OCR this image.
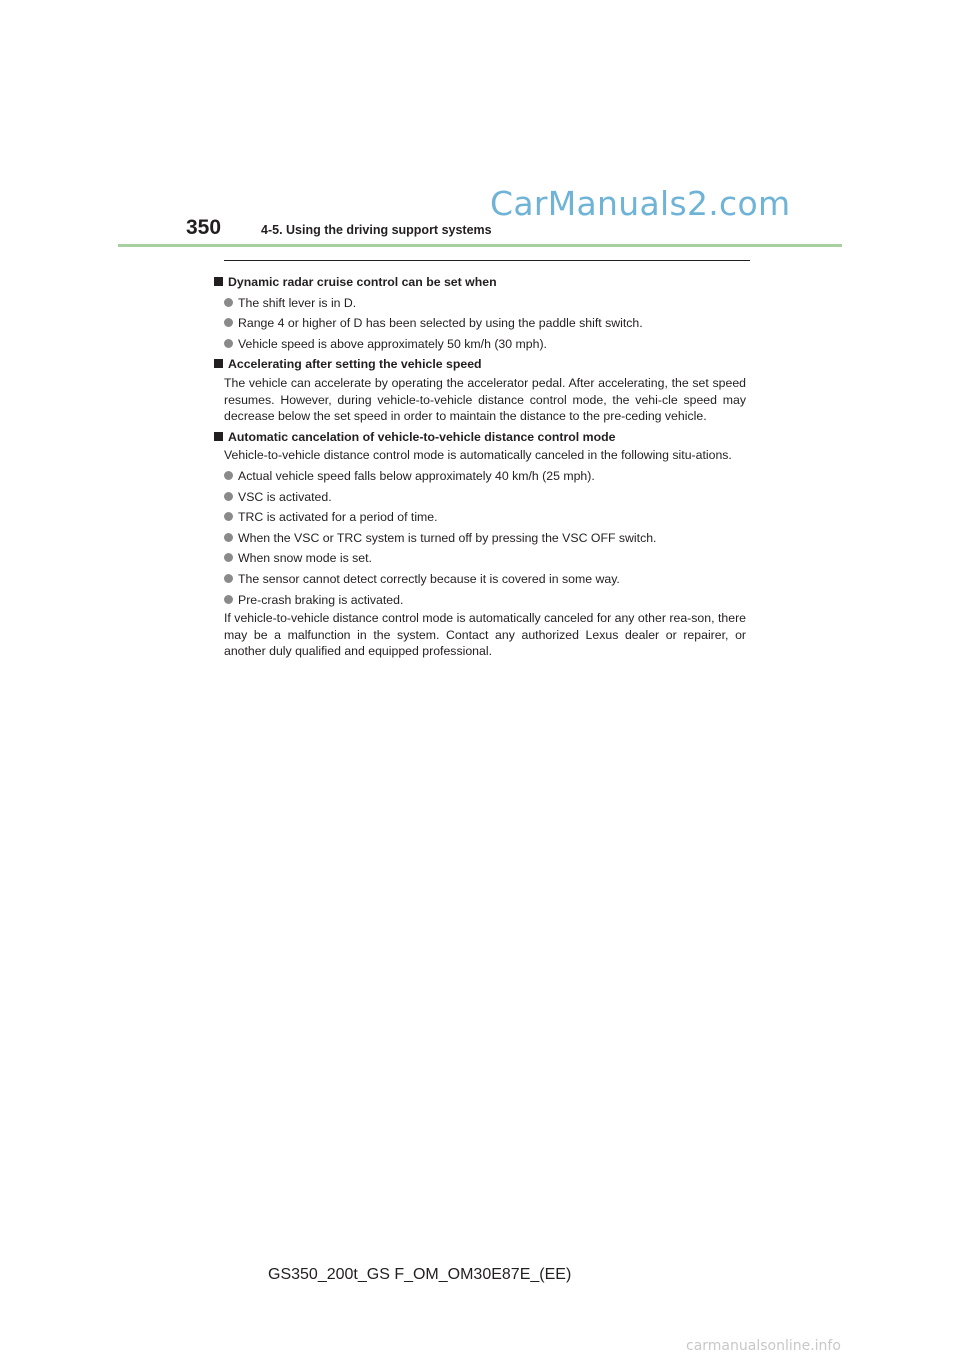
CarManuals2.com
350	4-5. Using the driving support systems
Dynamic radar cruise control can be set when
The shift lever is in D.
Range 4 or higher of D has been selected by using the paddle shift switch.
Vehicle speed is above approximately 50 km/h (30 mph).
Accelerating after setting the vehicle speed
The vehicle can accelerate by operating the accelerator pedal. After accelerating, the set speed resumes. However, during vehicle-to-vehicle distance control mode, the vehi-cle speed may decrease below the set speed in order to maintain the distance to the pre-ceding vehicle.
Automatic cancelation of vehicle-to-vehicle distance control mode
Vehicle-to-vehicle distance control mode is automatically canceled in the following situ-ations.
Actual vehicle speed falls below approximately 40 km/h (25 mph).
VSC is activated.
TRC is activated for a period of time.
When the VSC or TRC system is turned off by pressing the VSC OFF switch.
When snow mode is set.
The sensor cannot detect correctly because it is covered in some way.
Pre-crash braking is activated.
If vehicle-to-vehicle distance control mode is automatically canceled for any other rea-son, there may be a malfunction in the system. Contact any authorized Lexus dealer or repairer, or another duly qualified and equipped professional.
GS350_200t_GS F_OM_OM30E87E_(EE)
carmanualsonline.info
